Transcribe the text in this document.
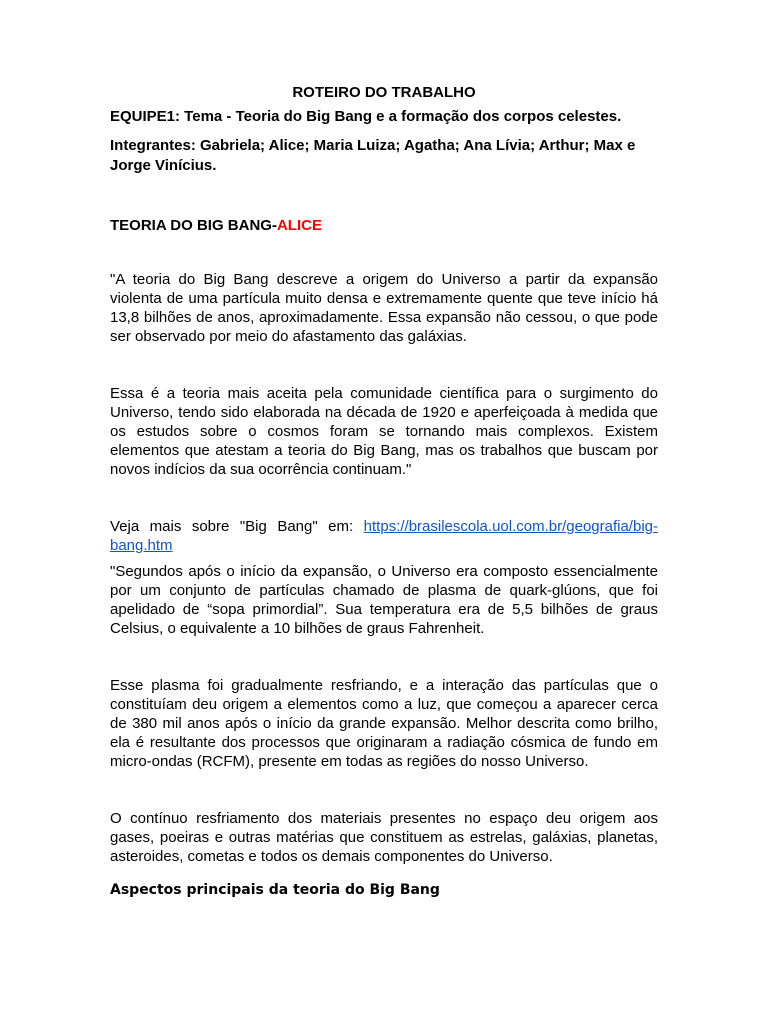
ROTEIRO DO TRABALHO
EQUIPE1: Tema - Teoria do Big Bang e a formação dos corpos celestes.
Integrantes: Gabriela; Alice; Maria Luiza; Agatha; Ana Lívia; Arthur; Max e Jorge Vinícius.
TEORIA DO BIG BANG-ALICE

"A teoria do Big Bang descreve a origem do Universo a partir da expansão violenta de uma partícula muito densa e extremamente quente que teve início há 13,8 bilhões de anos, aproximadamente. Essa expansão não cessou, o que pode ser observado por meio do afastamento das galáxias.

Essa é a teoria mais aceita pela comunidade científica para o surgimento do Universo, tendo sido elaborada na década de 1920 e aperfeiçoada à medida que os estudos sobre o cosmos foram se tornando mais complexos. Existem elementos que atestam a teoria do Big Bang, mas os trabalhos que buscam por novos indícios da sua ocorrência continuam."

Veja mais sobre "Big Bang" em: https://brasilescola.uol.com.br/geografia/big-bang.htm

"Segundos após o início da expansão, o Universo era composto essencialmente por um conjunto de partículas chamado de plasma de quark-glúons, que foi apelidado de “sopa primordial”. Sua temperatura era de 5,5 bilhões de graus Celsius, o equivalente a 10 bilhões de graus Fahrenheit.

Esse plasma foi gradualmente resfriando, e a interação das partículas que o constituíam deu origem a elementos como a luz, que começou a aparecer cerca de 380 mil anos após o início da grande expansão. Melhor descrita como brilho, ela é resultante dos processos que originaram a radiação cósmica de fundo em micro-ondas (RCFM), presente em todas as regiões do nosso Universo.

O contínuo resfriamento dos materiais presentes no espaço deu origem aos gases, poeiras e outras matérias que constituem as estrelas, galáxias, planetas, asteroides, cometas e todos os demais componentes do Universo.

Aspectos principais da teoria do Big Bang
